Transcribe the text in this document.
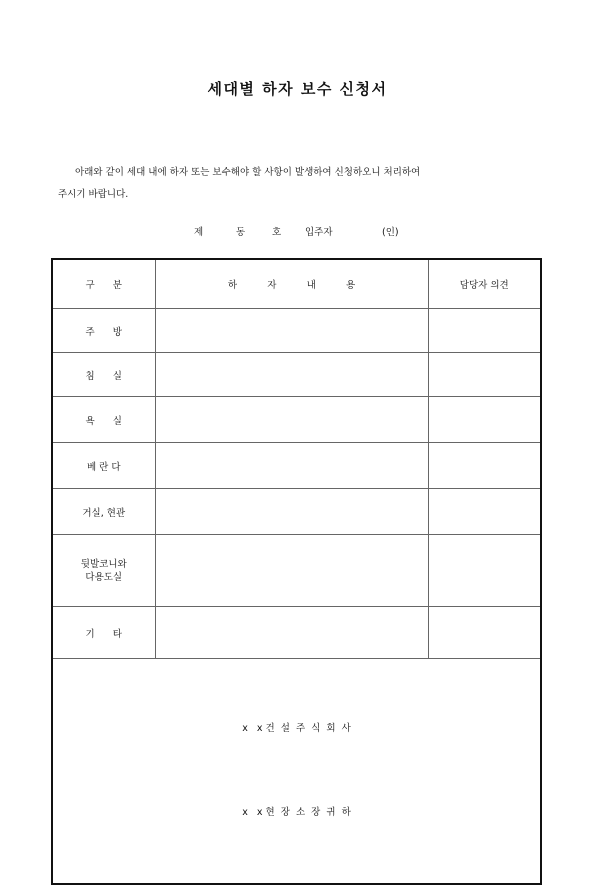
세대별 하자 보수 신청서

아래와 같이 세대 내에 하자 또는 보수해야 할 사항이 발생하여 신청하오니 처리하여

주시기 바랍니다.

제	동	호	입주자	(인)
구      분	하          자          내          용	담당자 의견
주      방		
침      실		
욕      실		
베 란 다		
거실, 현관		
뒷발코니와
다용도실		
기      타		

x   x 건  설  주  식  회  사

x   x 현  장  소  장  귀  하		
